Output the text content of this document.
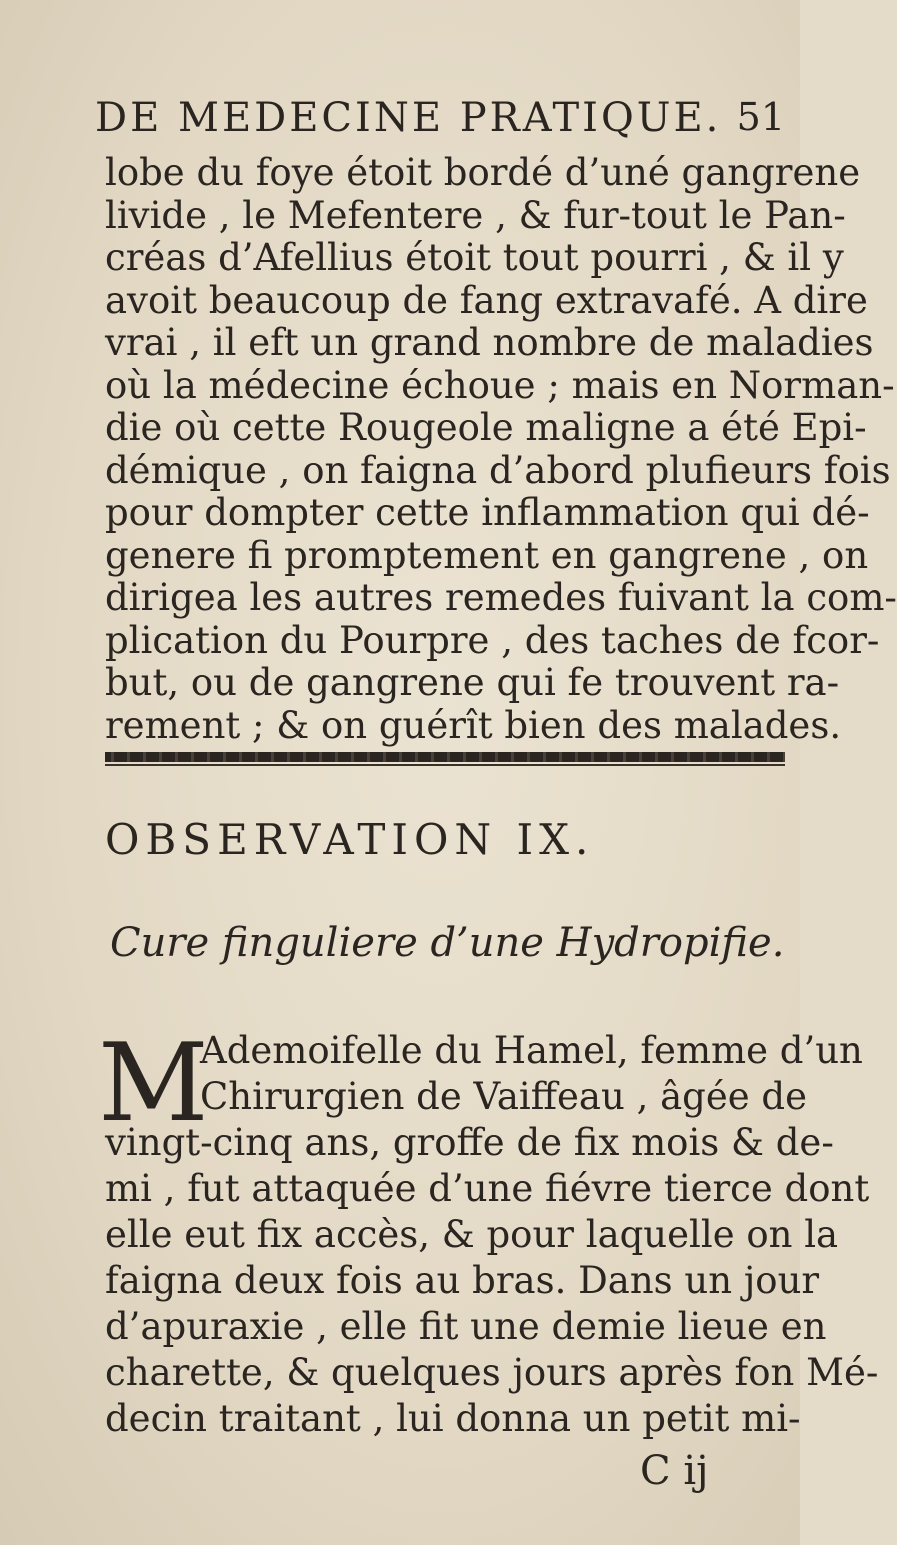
DE MEDECINE PRATIQUE. 51
lobe du foye étoit bordé d’uné gangrene
livide , le Mefentere , & fur-tout le Pan-
créas d’Afellius étoit tout pourri , & il y
avoit beaucoup de fang extravafé. A dire
vrai , il eft un grand nombre de maladies
où la médecine échoue ; mais en Norman-
die où cette Rougeole maligne a été Epi-
démique , on faigna d’abord plufieurs fois
pour dompter cette inflammation qui dé-
genere fi promptement en gangrene , on
dirigea les autres remedes fuivant la com-
plication du Pourpre , des taches de fcor-
but, ou de gangrene qui fe trouvent ra-
rement ; & on guérît bien des malades.
OBSERVATION IX.
Cure finguliere d’une Hydropifie.
M
Ademoifelle du Hamel, femme d’un
Chirurgien de Vaiffeau , âgée de
vingt-cinq ans, groffe de fix mois & de-
mi , fut attaquée d’une fiévre tierce dont
elle eut fix accès, & pour laquelle on la
faigna deux fois au bras. Dans un jour
d’apuraxie , elle fit une demie lieue en
charette, & quelques jours après fon Mé-
decin traitant , lui donna un petit mi-
C ij
